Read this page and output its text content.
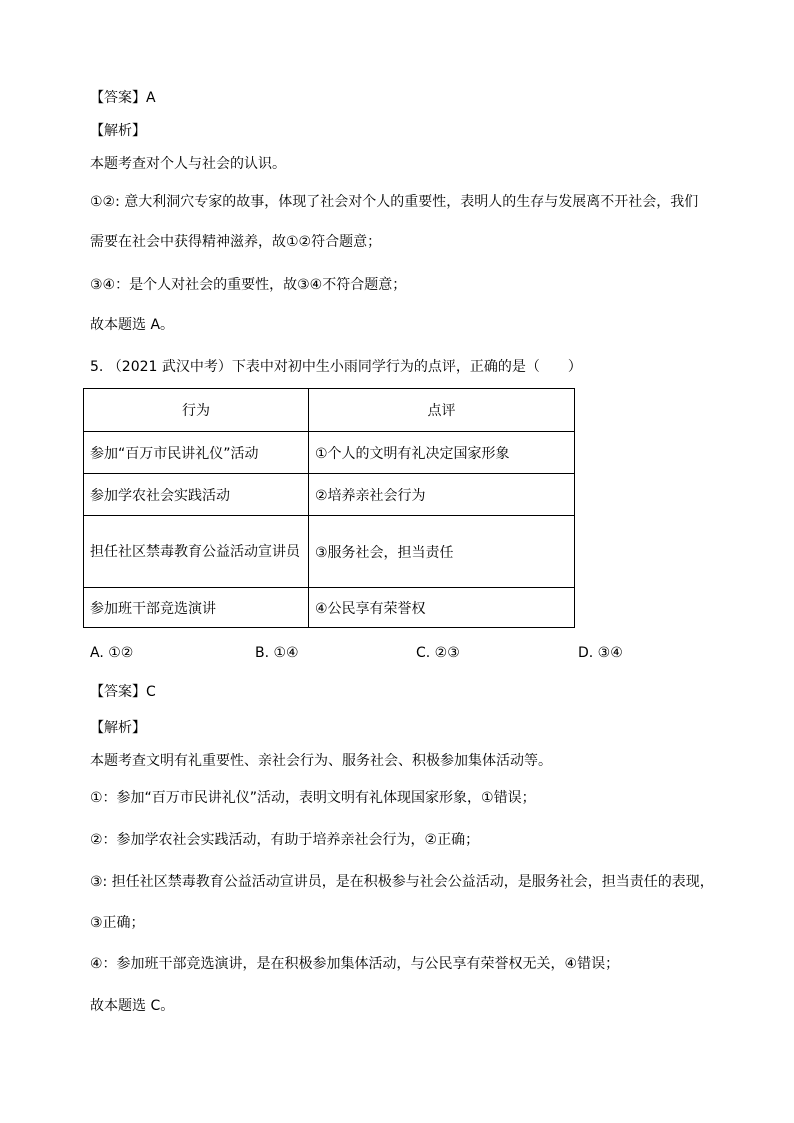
【答案】A
【解析】
本题考查对个人与社会的认识。
①②: 意大利洞穴专家的故事，体现了社会对个人的重要性，表明人的生存与发展离不开社会，我们
需要在社会中获得精神滋养，故①②符合题意；
③④：是个人对社会的重要性，故③④不符合题意；
故本题选 A。
5. （2021 武汉中考）下表中对初中生小雨同学行为的点评，正确的是（　　）
行为	点评
参加“百万市民讲礼仪”活动	①个人的文明有礼决定国家形象
参加学农社会实践活动	②培养亲社会行为
担任社区禁毒教育公益活动宣讲员	③服务社会，担当责任
参加班干部竞选演讲	④公民享有荣誉权
A. ①②	B. ①④	C. ②③	D. ③④
【答案】C
【解析】
本题考查文明有礼重要性、亲社会行为、服务社会、积极参加集体活动等。
①：参加“百万市民讲礼仪”活动，表明文明有礼体现国家形象，①错误；
②：参加学农社会实践活动，有助于培养亲社会行为，②正确；
③: 担任社区禁毒教育公益活动宣讲员，是在积极参与社会公益活动，是服务社会，担当责任的表现，
③正确；
④：参加班干部竞选演讲，是在积极参加集体活动，与公民享有荣誉权无关，④错误；
故本题选 C。
